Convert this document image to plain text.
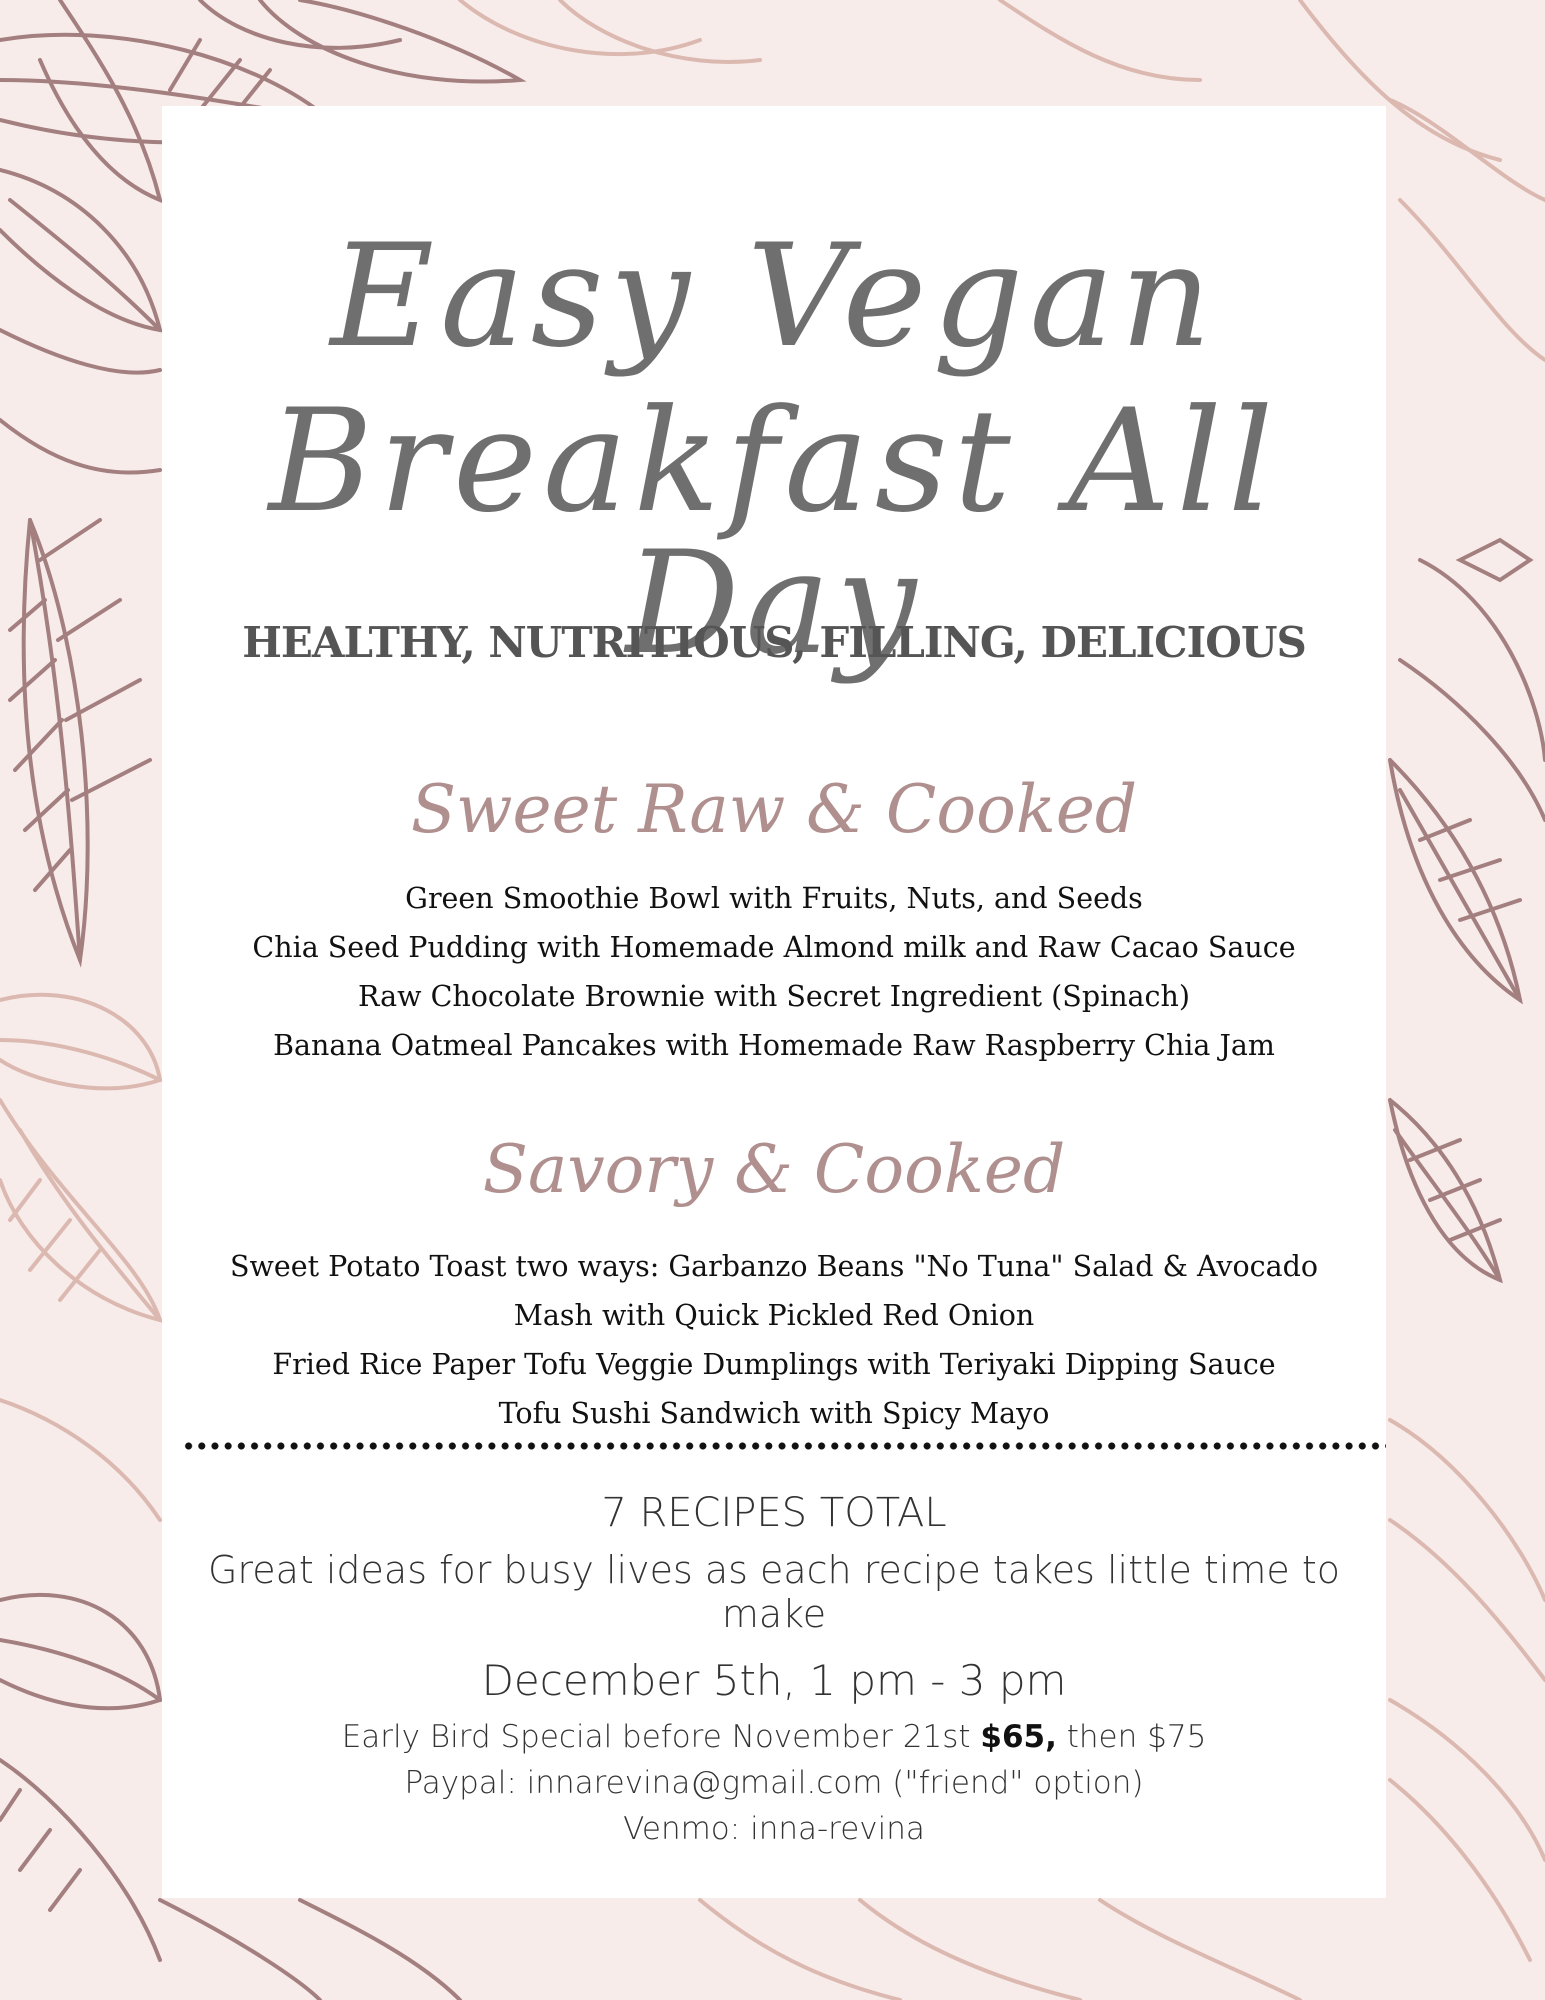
Easy Vegan
Breakfast All Day
HEALTHY, NUTRITIOUS, FILLING, DELICIOUS
Sweet Raw & Cooked
Green Smoothie Bowl with Fruits, Nuts, and Seeds
Chia Seed Pudding with Homemade Almond milk and Raw Cacao Sauce
Raw Chocolate Brownie with Secret Ingredient (Spinach)
Banana Oatmeal Pancakes with Homemade Raw Raspberry Chia Jam
Savory & Cooked
Sweet Potato Toast two ways: Garbanzo Beans "No Tuna" Salad & Avocado
Mash with Quick Pickled Red Onion
Fried Rice Paper Tofu Veggie Dumplings with Teriyaki Dipping Sauce
Tofu Sushi Sandwich with Spicy Mayo
7 RECIPES TOTAL
Great ideas for busy lives as each recipe takes little time to make
December 5th, 1 pm - 3 pm
Early Bird Special before November 21st $65, then $75
Paypal: innarevina@gmail.com ("friend" option)
Venmo: inna-revina
